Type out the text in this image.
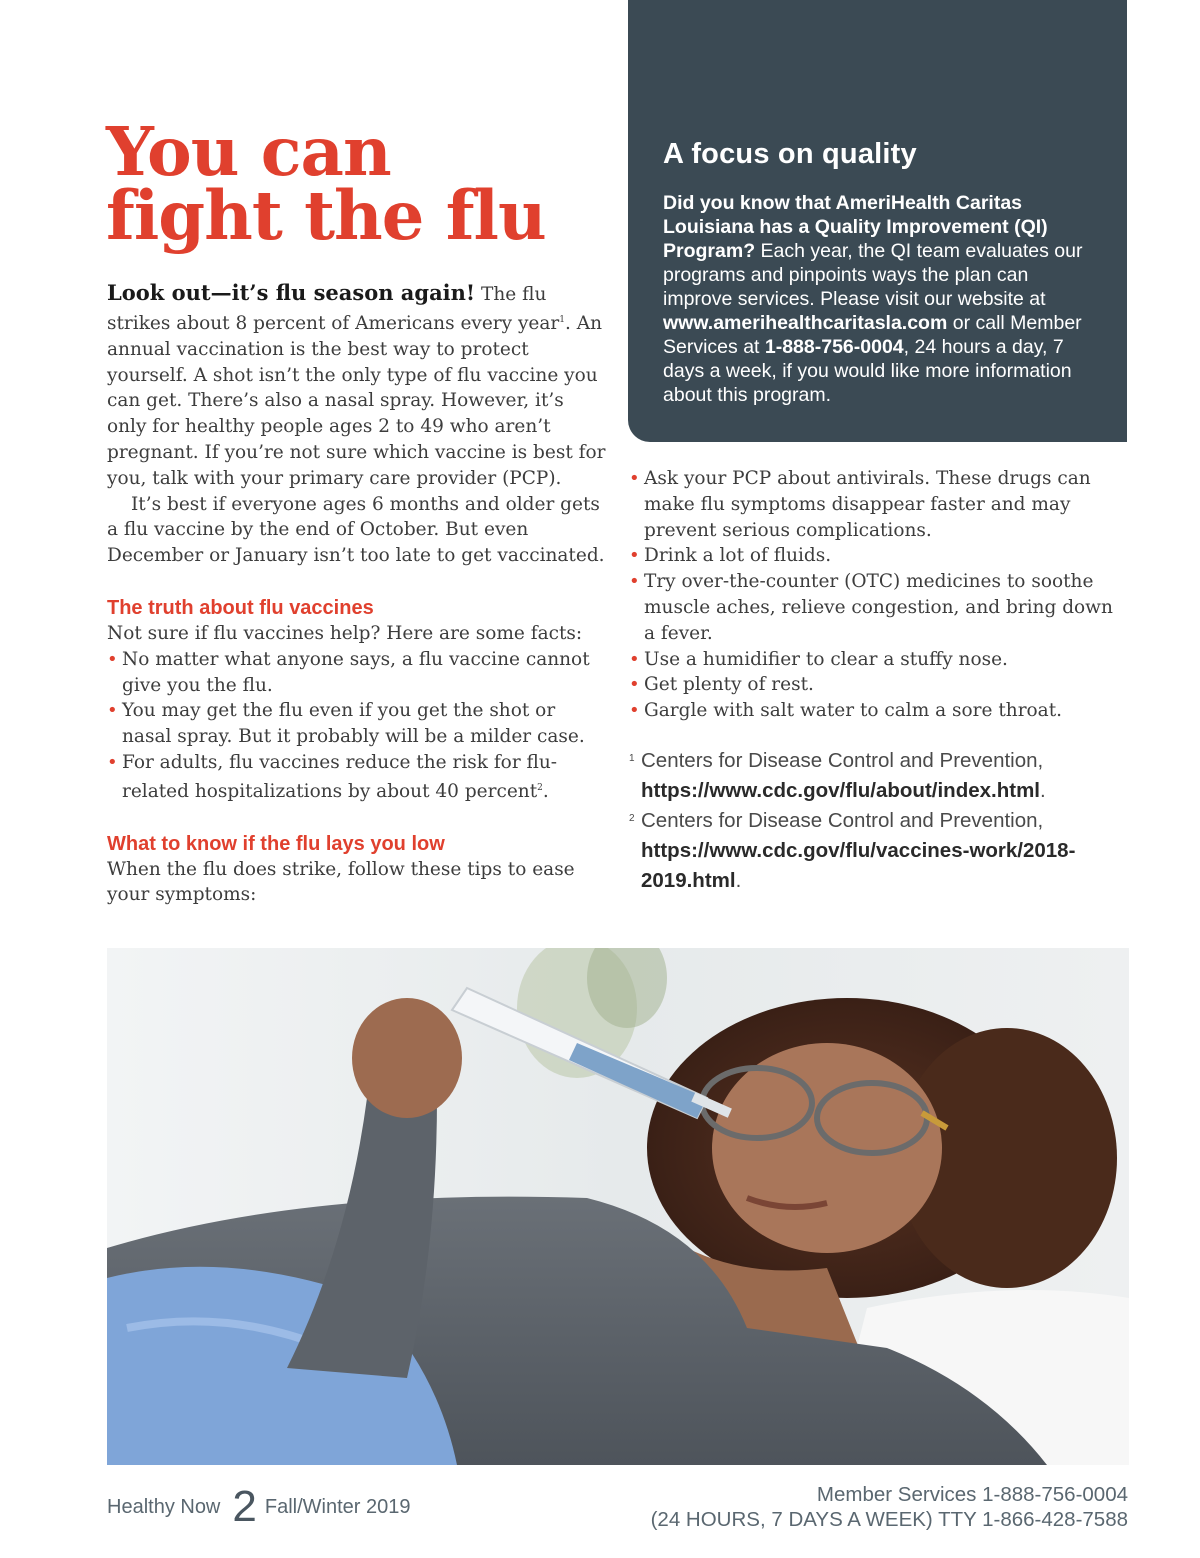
A focus on quality

Did you know that AmeriHealth Caritas Louisiana has a Quality Improvement (QI) Program? Each year, the QI team evaluates our programs and pinpoints ways the plan can improve services. Please visit our website at www.amerihealthcaritasla.com or call Member Services at 1-888-756-0004, 24 hours a day, 7 days a week, if you would like more information about this program.

You can
fight the flu

Look out—it’s flu season again! The flu strikes about 8 percent of Americans every year$^1$. An annual vaccination is the best way to protect yourself. A shot isn’t the only type of flu vaccine you can get. There’s also a nasal spray. However, it’s only for healthy people ages 2 to 49 who aren’t pregnant. If you’re not sure which vaccine is best for you, talk with your primary care provider (PCP).

It’s best if everyone ages 6 months and older gets a flu vaccine by the end of October. But even December or January isn’t too late to get vaccinated.

The truth about flu vaccines

Not sure if flu vaccines help? Here are some facts:

• No matter what anyone says, a flu vaccine cannot give you the flu.
• You may get the flu even if you get the shot or nasal spray. But it probably will be a milder case.
• For adults, flu vaccines reduce the risk for flu-related hospitalizations by about 40 percent$^2$.
What to know if the flu lays you low

When the flu does strike, follow these tips to ease your symptoms:

• Ask your PCP about antivirals. These drugs can make flu symptoms disappear faster and may prevent serious complications.
• Drink a lot of fluids.
• Try over-the-counter (OTC) medicines to soothe muscle aches, relieve congestion, and bring down a fever.
• Use a humidifier to clear a stuffy nose.
• Get plenty of rest.
• Gargle with salt water to calm a sore throat.

1 Centers for Disease Control and Prevention,
https://www.cdc.gov/flu/about/index.html.

2 Centers for Disease Control and Prevention,
https://www.cdc.gov/flu/vaccines-work/2018-2019.html.

Healthy Now 2 Fall/Winter 2019
Member Services 1-888-756-0004
(24 HOURS, 7 DAYS A WEEK) TTY 1-866-428-7588
